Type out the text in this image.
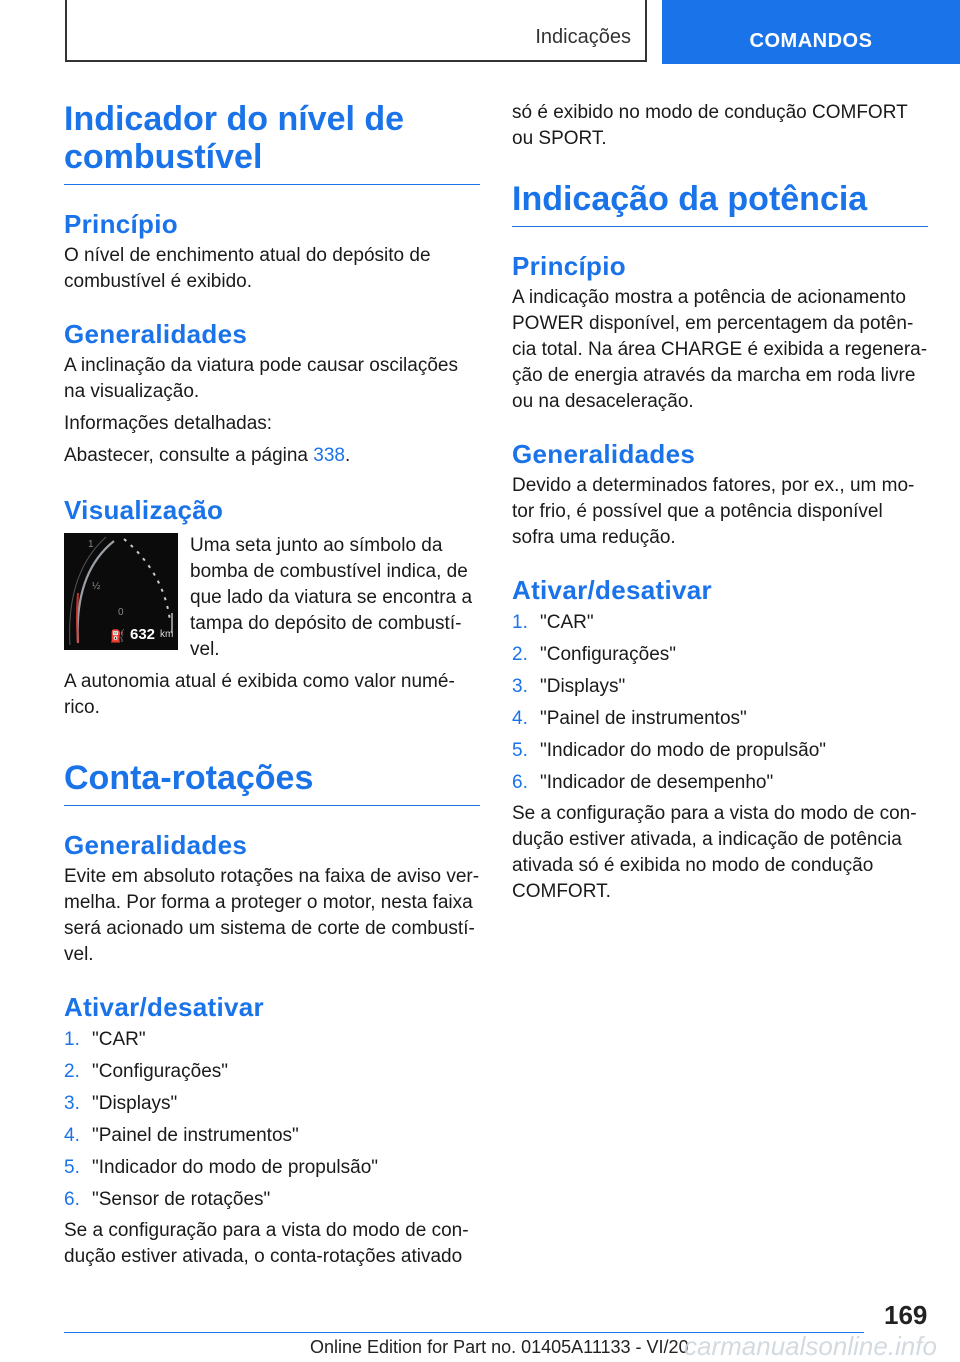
Indicações	COMANDOS
Indicador do nível de
combustível
Princípio

O nível de enchimento atual do depósito de combustível é exibido.

Generalidades

A inclinação da viatura pode causar oscilações na visualização.

Informações detalhadas:

Abastecer, consulte a página 338.

Visualização
⛽ 632 km
1
½
0

Uma seta junto ao símbolo da bomba de combustível indica, de que lado da viatura se encontra a tampa do depósito de combustí-vel.

A autonomia atual é exibida como valor numé-rico.

Conta-rotações
Generalidades

Evite em absoluto rotações na faixa de aviso ver-melha. Por forma a proteger o motor, nesta faixa será acionado um sistema de corte de combustí-vel.

Ativar/desativar
1. "CAR"
2. "Configurações"
3. "Displays"
4. "Painel de instrumentos"
5. "Indicador do modo de propulsão"
6. "Sensor de rotações"

Se a configuração para a vista do modo de con-dução estiver ativada, o conta-rotações ativado

só é exibido no modo de condução COMFORT ou SPORT.

Indicação da potência
Princípio

A indicação mostra a potência de acionamento POWER disponível, em percentagem da potên-cia total. Na área CHARGE é exibida a regenera-ção de energia através da marcha em roda livre ou na desaceleração.

Generalidades

Devido a determinados fatores, por ex., um mo-tor frio, é possível que a potência disponível sofra uma redução.

Ativar/desativar
1. "CAR"
2. "Configurações"
3. "Displays"
4. "Painel de instrumentos"
5. "Indicador do modo de propulsão"
6. "Indicador de desempenho"

Se a configuração para a vista do modo de con-dução estiver ativada, a indicação de potência ativada só é exibida no modo de condução COMFORT.

169
Online Edition for Part no. 01405A11133 - VI/20
carmanualsonline.info
